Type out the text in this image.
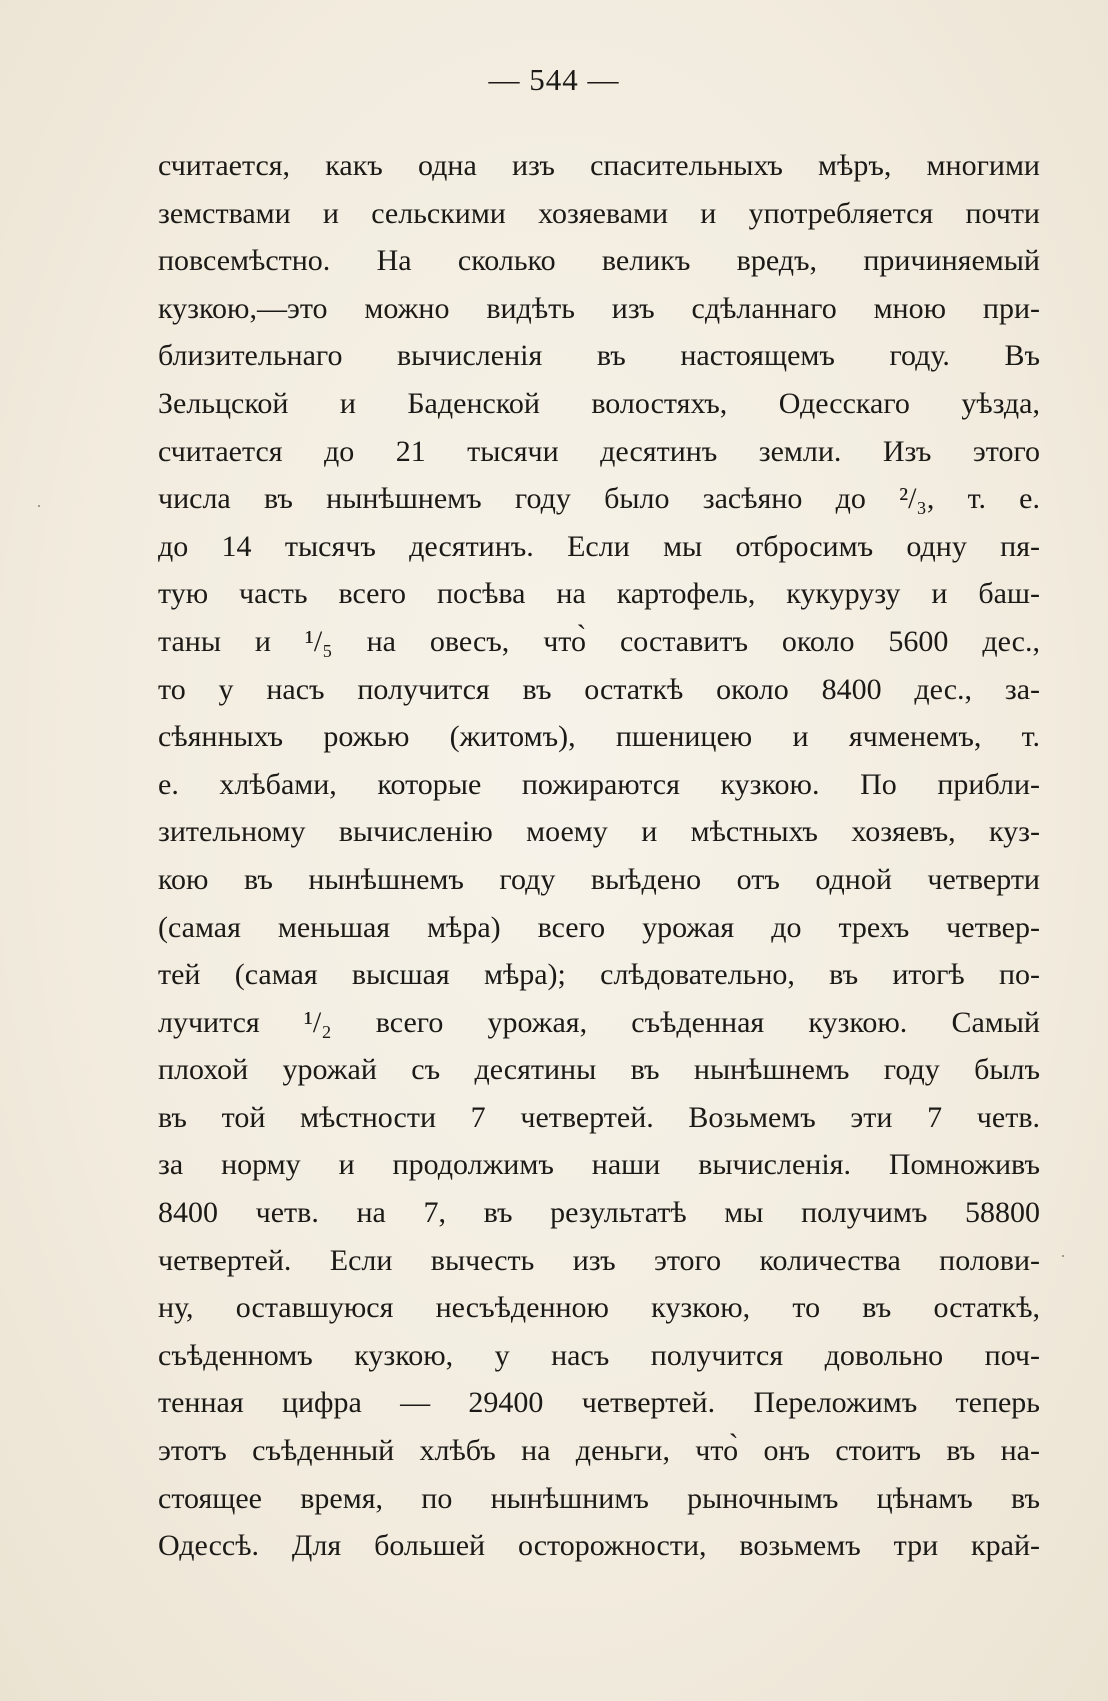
— 544 —
считается, какъ одна изъ спасительныхъ мѣръ, многими
земствами и сельскими хозяевами и употребляется почти
повсемѣстно. На сколько великъ вредъ, причиняемый
кузкою,—это можно видѣть изъ сдѣланнаго мною при-
близительнаго вычисленія въ настоящемъ году. Въ
Зельцской и Баденской волостяхъ, Одесскаго уѣзда,
считается до 21 тысячи десятинъ земли. Изъ этого
числа въ нынѣшнемъ году было засѣяно до ²/₃, т. е.
до 14 тысячъ десятинъ. Если мы отбросимъ одну пя-
тую часть всего посѣва на картофель, кукурузу и баш-
таны и ¹/₅ на овесъ, что̀ составитъ около 5600 дес.,
то у насъ получится въ остаткѣ около 8400 дес., за-
сѣянныхъ рожью (житомъ), пшеницею и ячменемъ, т.
е. хлѣбами, которые пожираются кузкою. По прибли-
зительному вычисленію моему и мѣстныхъ хозяевъ, куз-
кою въ нынѣшнемъ году выѣдено отъ одной четверти
(самая меньшая мѣра) всего урожая до трехъ четвер-
тей (самая высшая мѣра); слѣдовательно, въ итогѣ по-
лучится ¹/₂ всего урожая, съѣденная кузкою. Самый
плохой урожай съ десятины въ нынѣшнемъ году былъ
въ той мѣстности 7 четвертей. Возьмемъ эти 7 четв.
за норму и продолжимъ наши вычисленія. Помноживъ
8400 четв. на 7, въ результатѣ мы получимъ 58800
четвертей. Если вычесть изъ этого количества полови-
ну, оставшуюся несъѣденною кузкою, то въ остаткѣ,
съѣденномъ кузкою, у насъ получится довольно поч-
тенная цифра — 29400 четвертей. Переложимъ теперь
этотъ съѣденный хлѣбъ на деньги, что̀ онъ стоитъ въ на-
стоящее время, по нынѣшнимъ рыночнымъ цѣнамъ въ
Одессѣ. Для большей осторожности, возьмемъ три край-
